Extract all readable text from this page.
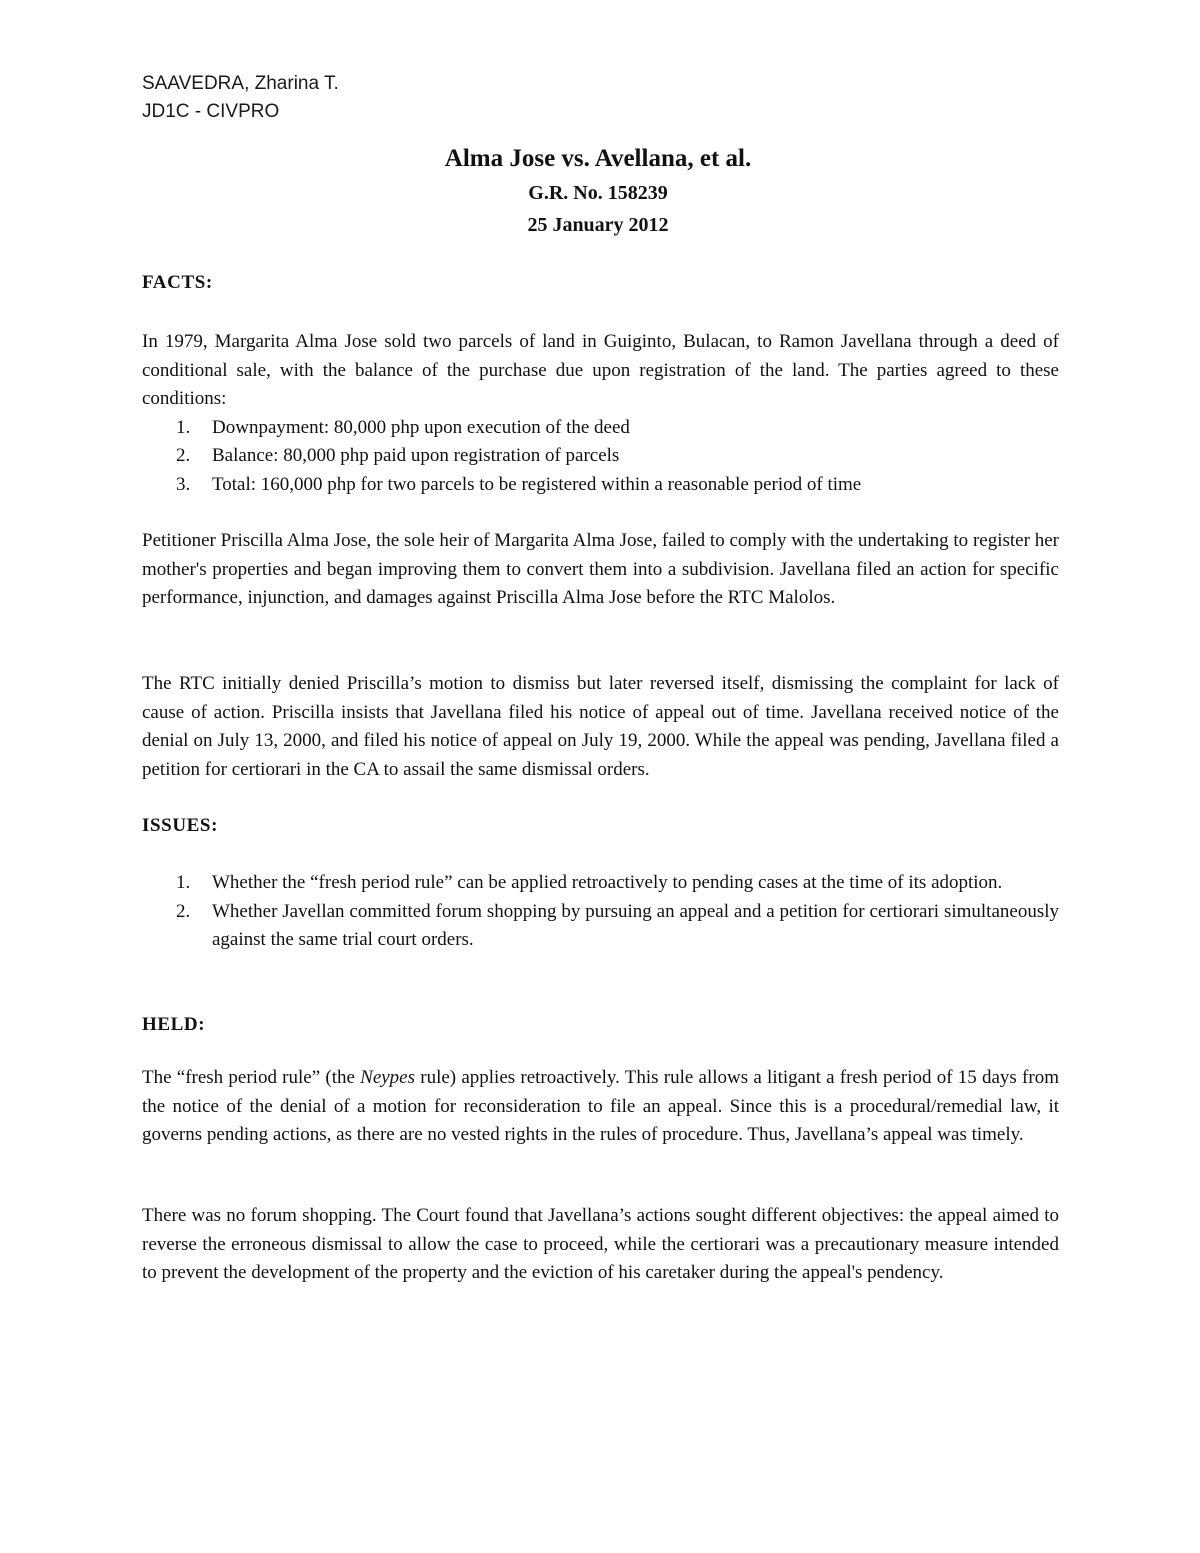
SAAVEDRA, Zharina T.
JD1C - CIVPRO
Alma Jose vs. Avellana, et al.
G.R. No. 158239
25 January 2012
FACTS:

In 1979, Margarita Alma Jose sold two parcels of land in Guiginto, Bulacan, to Ramon Javellana through a deed of conditional sale, with the balance of the purchase due upon registration of the land. The parties agreed to these conditions:

1. Downpayment: 80,000 php upon execution of the deed
2. Balance: 80,000 php paid upon registration of parcels
3. Total: 160,000 php for two parcels to be registered within a reasonable period of time

Petitioner Priscilla Alma Jose, the sole heir of Margarita Alma Jose, failed to comply with the undertaking to register her mother's properties and began improving them to convert them into a subdivision. Javellana filed an action for specific performance, injunction, and damages against Priscilla Alma Jose before the RTC Malolos.

The RTC initially denied Priscilla’s motion to dismiss but later reversed itself, dismissing the complaint for lack of cause of action. Priscilla insists that Javellana filed his notice of appeal out of time. Javellana received notice of the denial on July 13, 2000, and filed his notice of appeal on July 19, 2000. While the appeal was pending, Javellana filed a petition for certiorari in the CA to assail the same dismissal orders.

ISSUES:
1. Whether the “fresh period rule” can be applied retroactively to pending cases at the time of its adoption.
2. Whether Javellan committed forum shopping by pursuing an appeal and a petition for certiorari simultaneously against the same trial court orders.
HELD:

The “fresh period rule” (the Neypes rule) applies retroactively. This rule allows a litigant a fresh period of 15 days from the notice of the denial of a motion for reconsideration to file an appeal. Since this is a procedural/remedial law, it governs pending actions, as there are no vested rights in the rules of procedure. Thus, Javellana’s appeal was timely.

There was no forum shopping. The Court found that Javellana’s actions sought different objectives: the appeal aimed to reverse the erroneous dismissal to allow the case to proceed, while the certiorari was a precautionary measure intended to prevent the development of the property and the eviction of his caretaker during the appeal's pendency.
